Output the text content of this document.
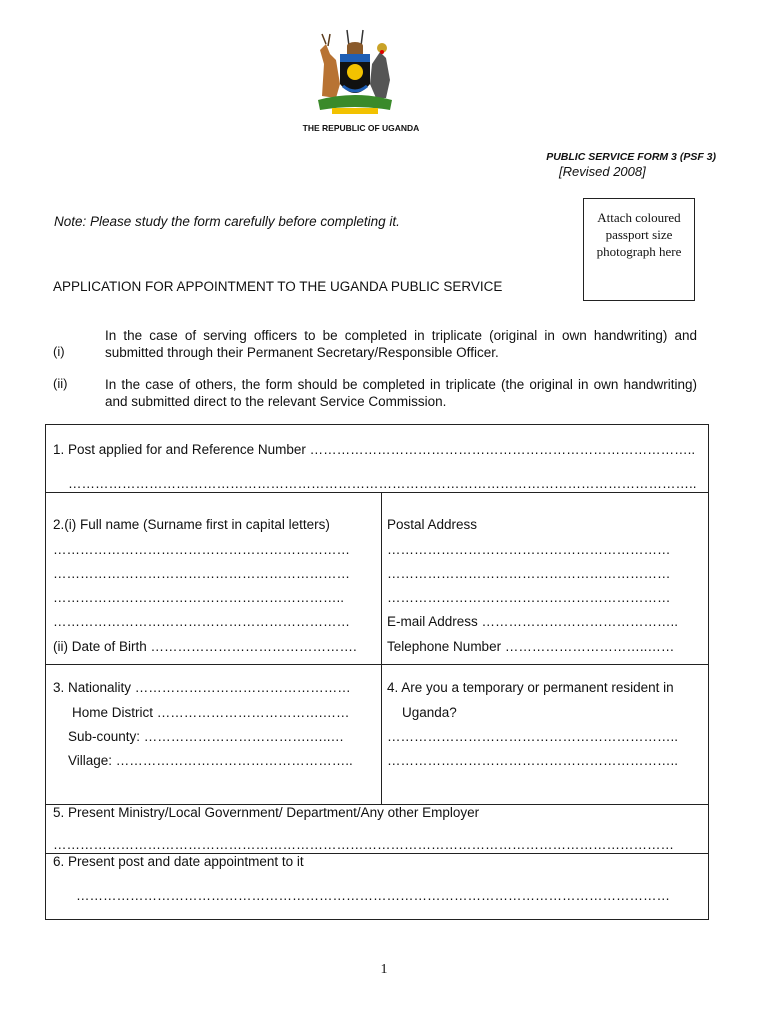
THE REPUBLIC OF UGANDA
PUBLIC SERVICE FORM 3 (PSF 3)
[Revised 2008]
Note: Please study the form carefully before completing it.	Attach coloured
passport size
photograph here
APPLICATION FOR APPOINTMENT TO THE UGANDA PUBLIC SERVICE
(i)
In the case of serving officers to be completed in triplicate (original in own handwriting) and submitted through their Permanent Secretary/Responsible Officer.
(ii)	In the case of others, the form should be completed in triplicate (the original in own handwriting) and submitted direct to the relevant Service Commission.
1. Post applied for and Reference Number …………………………………………………………………………..
…………………………………………………………………………………………………………………………..
2.(i) Full name (Surname first in capital letters)
…………………………………………………………
…………………………………………………………
………………………………………………………..
…………………………………………………………
(ii) Date of Birth ……………………………………….
Postal Address
………………………………………………………
………………………………………………………
………………………………………………………
E-mail Address ……………………………………..
Telephone Number …………………………..……
3. Nationality …………………………………………
Home District ……………………………….……
Sub-county: ……………………………….…..…
Village: ……………………………………………..
4. Are you a temporary or permanent resident in
Uganda?
………………………………………………………..
………………………………………………………..
5. Present Ministry/Local Government/ Department/Any other Employer
…………………………………………………………………………………………………………………………
6. Present post and date appointment to it
……………………………………………………………………………………………………………………
1
